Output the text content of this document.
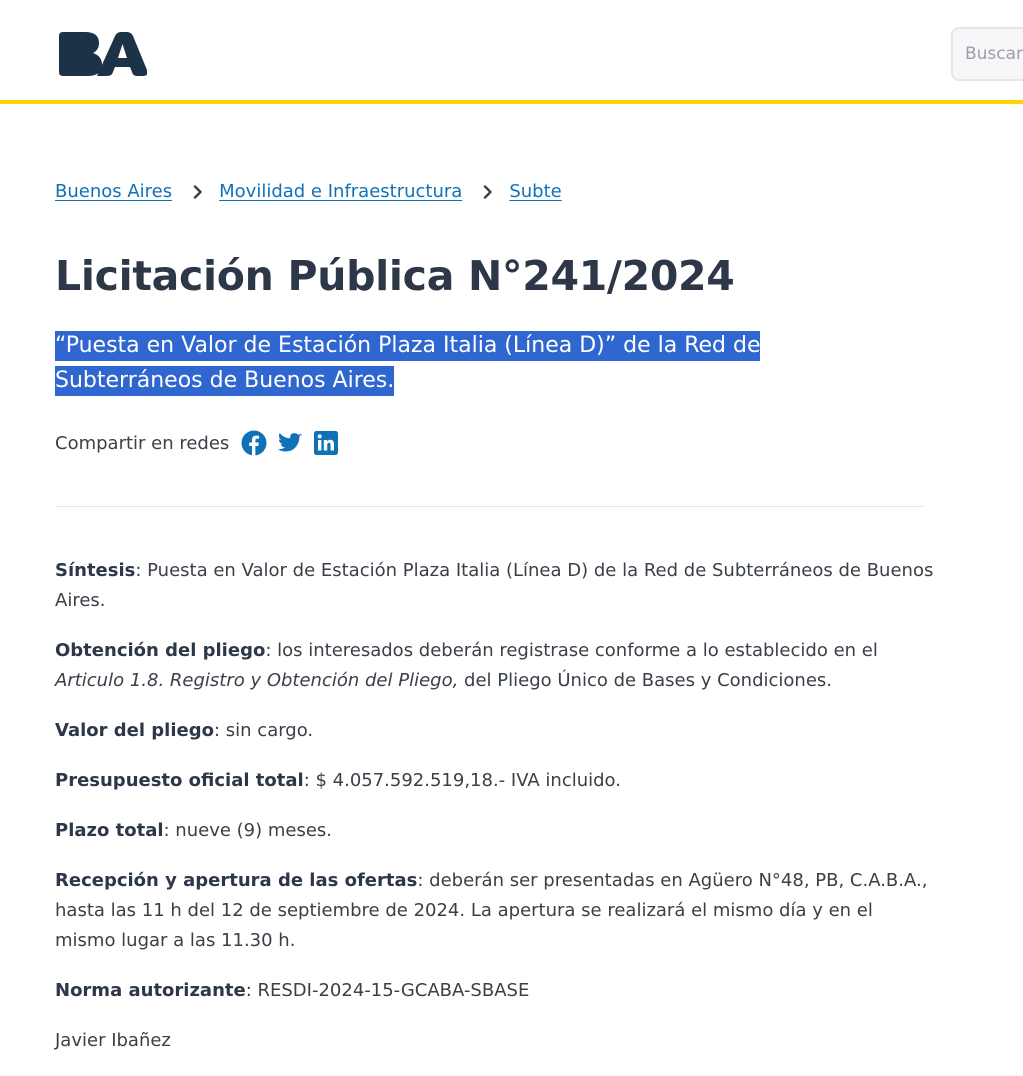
Buscar...
Buenos Aires	Movilidad e Infraestructura	Subte
Licitación Pública N°241/2024
“Puesta en Valor de Estación Plaza Italia (Línea D)” de la Red de Subterráneos de Buenos Aires.
Compartir en redes

Síntesis: Puesta en Valor de Estación Plaza Italia (Línea D) de la Red de Subterráneos de Buenos Aires.

Obtención del pliego: los interesados deberán registrase conforme a lo establecido en el Articulo 1.8. Registro y Obtención del Pliego, del Pliego Único de Bases y Condiciones.

Valor del pliego: sin cargo.

Presupuesto oficial total: $ 4.057.592.519,18.- IVA incluido.

Plazo total: nueve (9) meses.

Recepción y apertura de las ofertas: deberán ser presentadas en Agüero N°48, PB, C.A.B.A., hasta las 11 h del 12 de septiembre de 2024. La apertura se realizará el mismo día y en el mismo lugar a las 11.30 h.

Norma autorizante: RESDI-2024-15-GCABA-SBASE

Javier Ibañez
